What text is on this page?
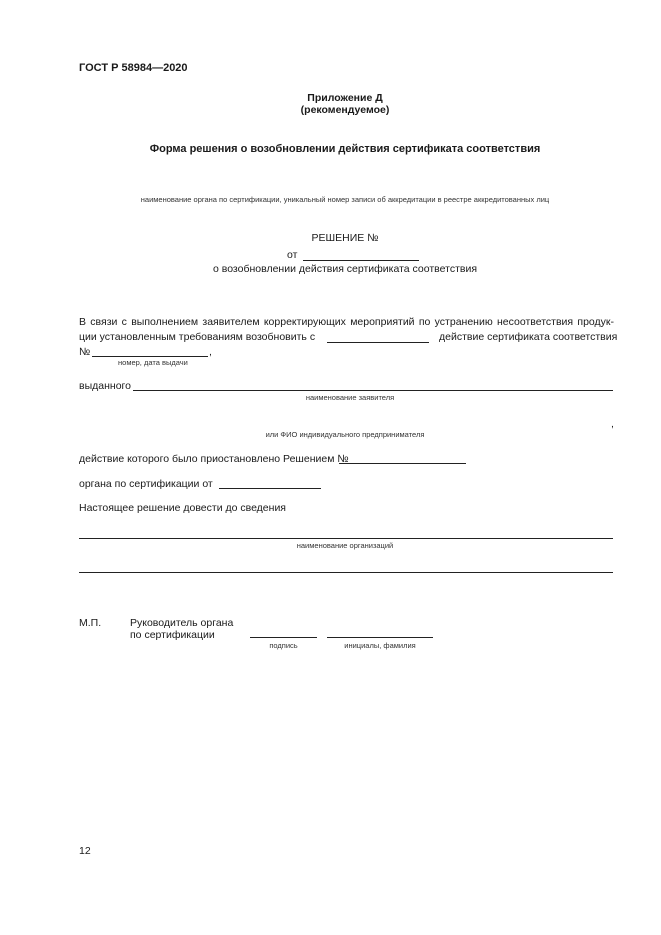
ГОСТ Р 58984—2020
Приложение Д
(рекомендуемое)
Форма решения о возобновлении действия сертификата соответствия
наименование органа по сертификации, уникальный номер записи об аккредитации в реестре аккредитованных лиц
РЕШЕНИЕ №
от
о возобновлении действия сертификата соответствия
В связи с выполнением заявителем корректирующих мероприятий по устранению несоответствия продук-
ции установленным требованиям возобновить с	действие сертификата соответствия
№	,
номер, дата выдачи
выданного
наименование заявителя
,
или ФИО индивидуального предпринимателя
действие которого было приостановлено Решением №
органа по сертификации от
Настоящее решение довести до сведения
наименование организаций
М.П.	Руководитель органа
по сертификации
подпись	инициалы, фамилия
12
